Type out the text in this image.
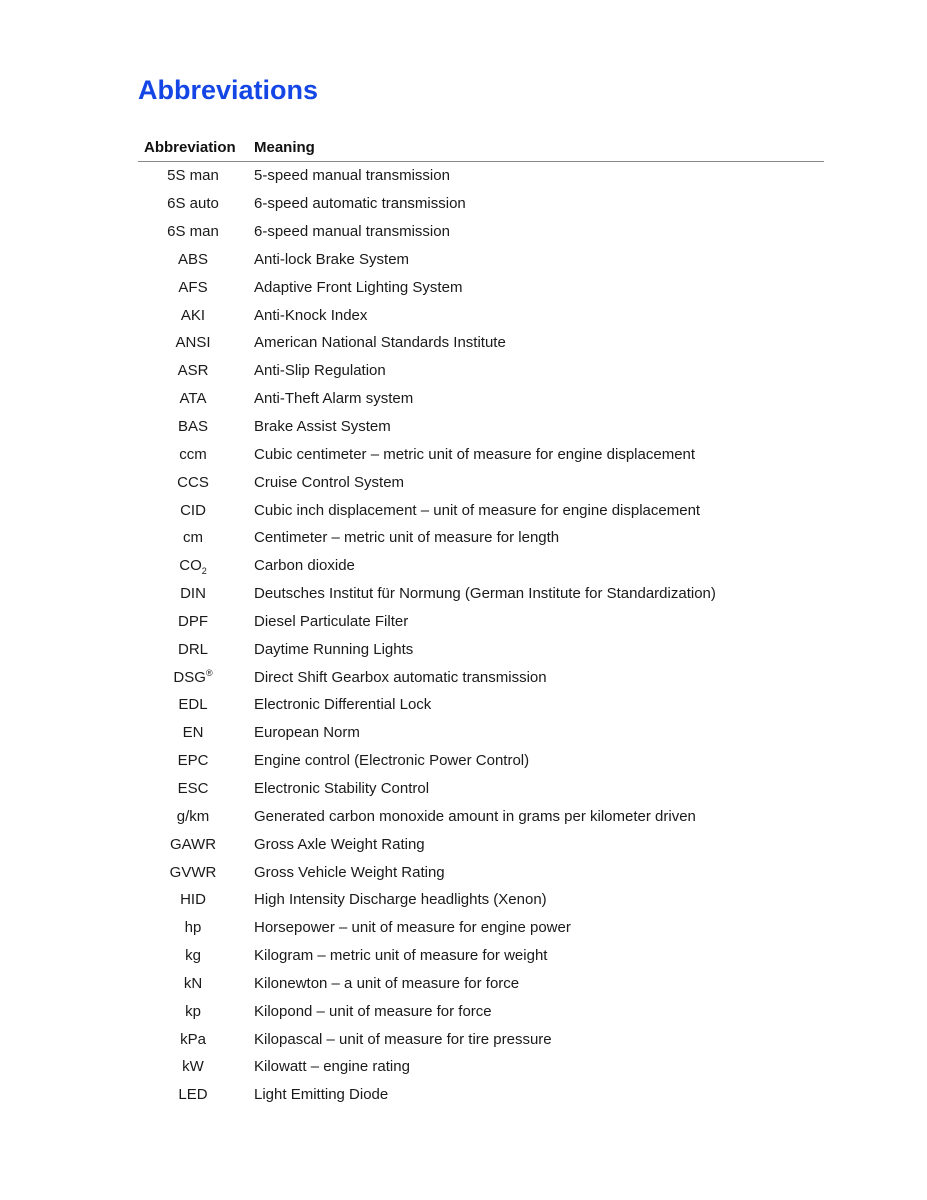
Abbreviations
Abbreviation	Meaning
5S man	5-speed manual transmission
6S auto	6-speed automatic transmission
6S man	6-speed manual transmission
ABS	Anti-lock Brake System
AFS	Adaptive Front Lighting System
AKI	Anti-Knock Index
ANSI	American National Standards Institute
ASR	Anti-Slip Regulation
ATA	Anti-Theft Alarm system
BAS	Brake Assist System
ccm	Cubic centimeter – metric unit of measure for engine displacement
CCS	Cruise Control System
CID	Cubic inch displacement – unit of measure for engine displacement
cm	Centimeter – metric unit of measure for length
$CO_2$	Carbon dioxide
DIN	Deutsches Institut für Normung (German Institute for Standardization)
DPF	Diesel Particulate Filter
DRL	Daytime Running Lights
DSG®	Direct Shift Gearbox automatic transmission
EDL	Electronic Differential Lock
EN	European Norm
EPC	Engine control (Electronic Power Control)
ESC	Electronic Stability Control
g/km	Generated carbon monoxide amount in grams per kilometer driven
GAWR	Gross Axle Weight Rating
GVWR	Gross Vehicle Weight Rating
HID	High Intensity Discharge headlights (Xenon)
hp	Horsepower – unit of measure for engine power
kg	Kilogram – metric unit of measure for weight
kN	Kilonewton – a unit of measure for force
kp	Kilopond – unit of measure for force
kPa	Kilopascal – unit of measure for tire pressure
kW	Kilowatt – engine rating
LED	Light Emitting Diode
